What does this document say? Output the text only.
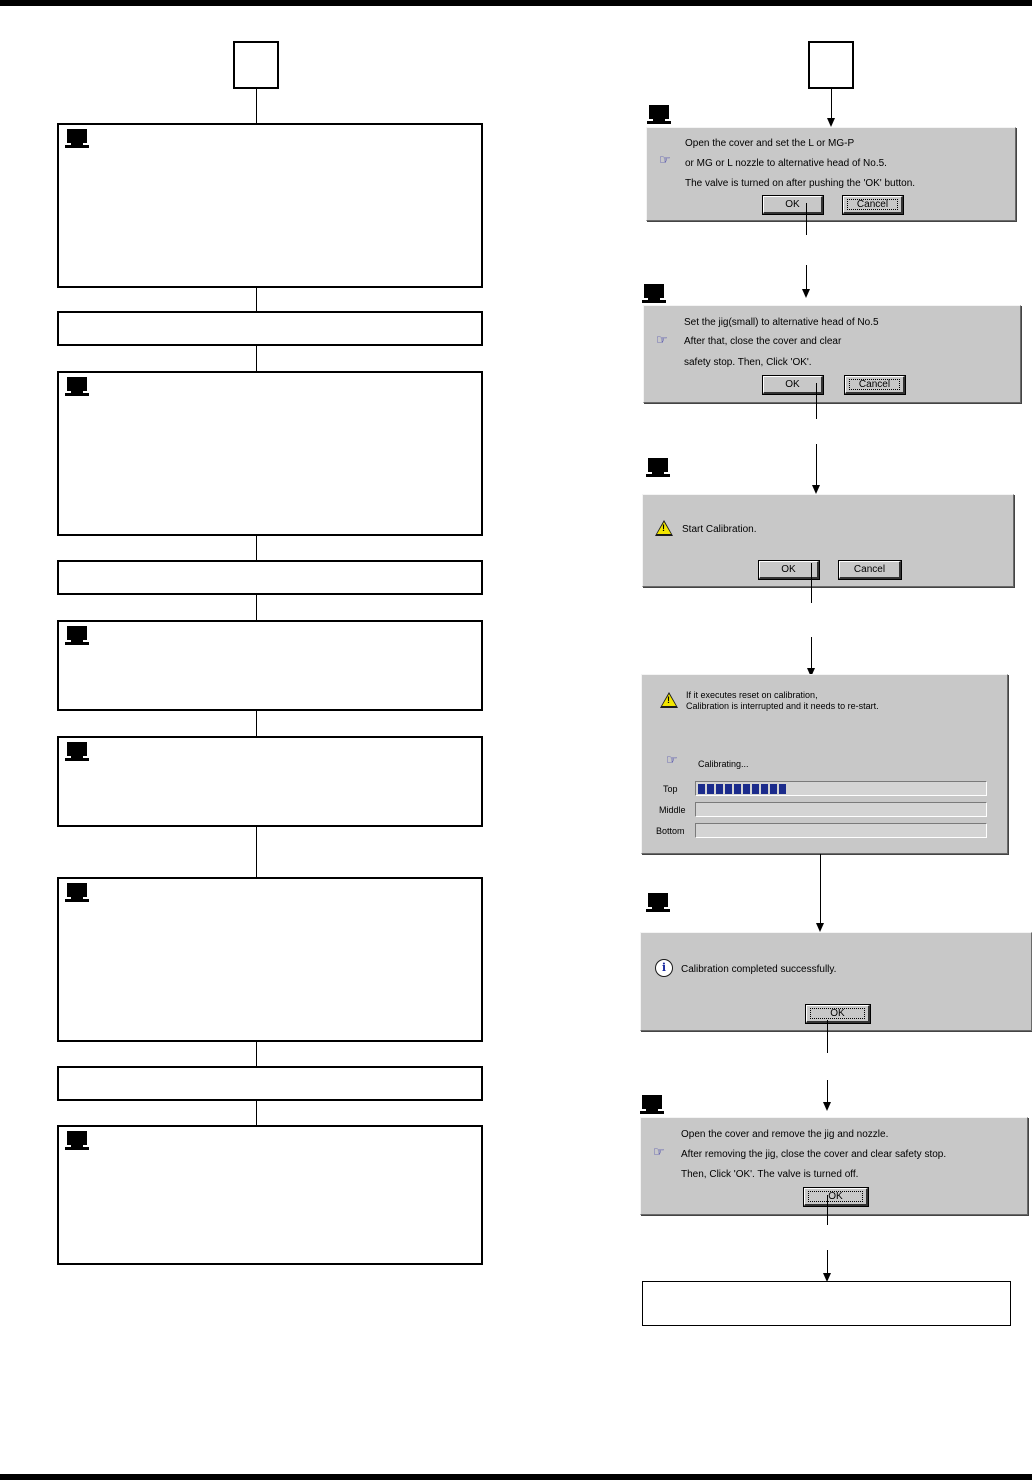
Open the cover and set the L or MG-P
☞	or MG or L nozzle to alternative head of No.5.
The valve is turned on after pushing the 'OK' button.
OK	Cancel
Set the jig(small) to alternative head of No.5
☞	After that, close the cover and clear
safety stop. Then, Click 'OK'.
OK	Cancel
!
Start Calibration.
OK	Cancel
!
If it executes reset on calibration,
Calibration is interrupted and it needs to re-start.
☞	Calibrating...
Top
Middle
Bottom
i	Calibration completed successfully.
OK
Open the cover and remove the jig and nozzle.
☞	After removing the jig, close the cover and clear safety stop.
Then, Click 'OK'. The valve is turned off.
OK
